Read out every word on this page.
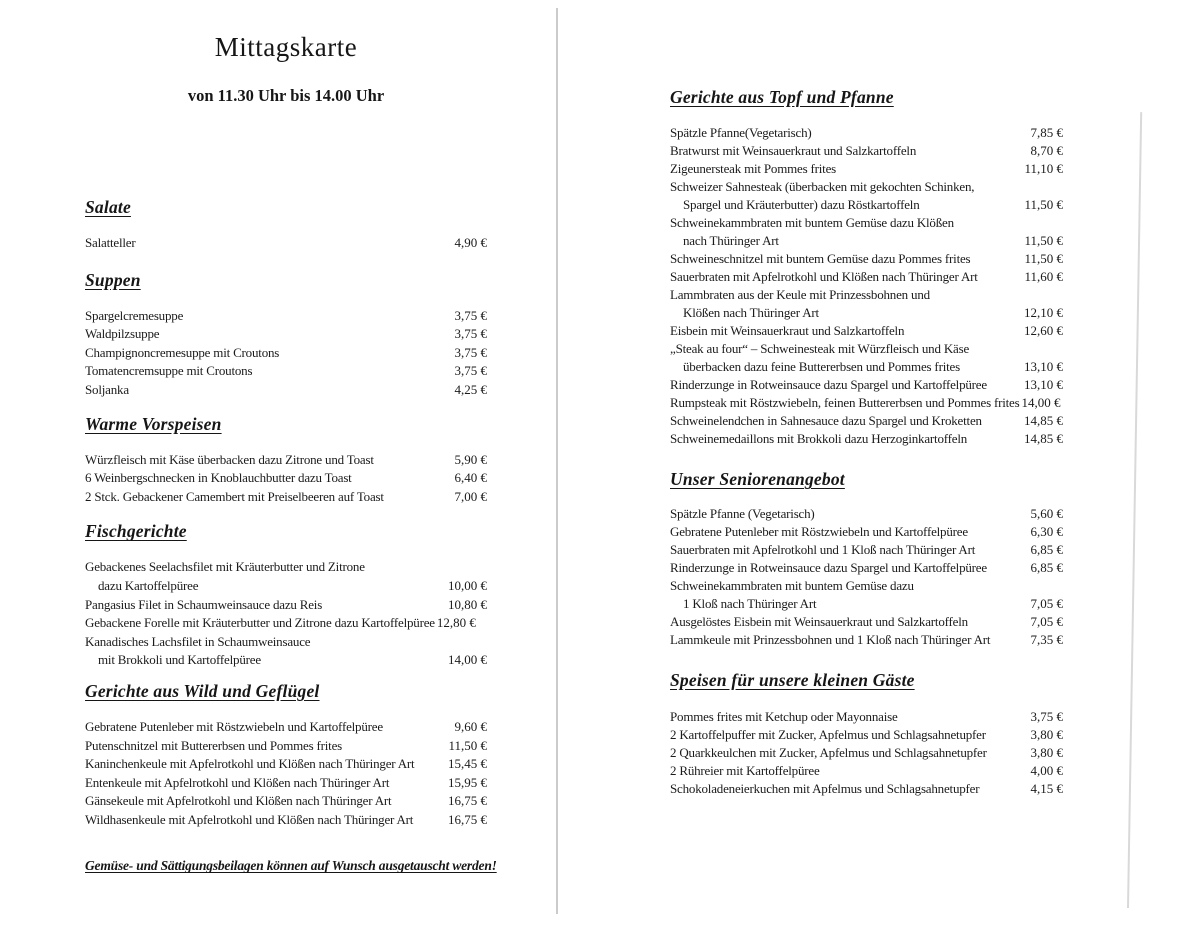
Mittagskarte
von 11.30 Uhr bis 14.00 Uhr
Salate
Salatteller	4,90 €
Suppen
Spargelcremesuppe	3,75 €
Waldpilzsuppe	3,75 €
Champignoncremesuppe mit Croutons	3,75 €
Tomatencremsuppe mit Croutons	3,75 €
Soljanka	4,25 €
Warme Vorspeisen
Würzfleisch mit Käse überbacken dazu Zitrone und Toast	5,90 €
6 Weinbergschnecken in Knoblauchbutter dazu Toast	6,40 €
2 Stck. Gebackener Camembert mit Preiselbeeren auf Toast	7,00 €
Fischgerichte
Gebackenes Seelachsfilet mit Kräuterbutter und Zitrone
dazu Kartoffelpüree	10,00 €
Pangasius Filet in Schaumweinsauce dazu Reis	10,80 €
Gebackene Forelle mit Kräuterbutter und Zitrone dazu Kartoffelpüree 12,80 €
Kanadisches Lachsfilet in Schaumweinsauce
mit Brokkoli und Kartoffelpüree	14,00 €
Gerichte aus Wild und Geflügel
Gebratene Putenleber mit Röstzwiebeln und Kartoffelpüree	9,60 €
Putenschnitzel mit Buttererbsen und Pommes frites	11,50 €
Kaninchenkeule mit Apfelrotkohl und Klößen nach Thüringer Art	15,45 €
Entenkeule mit Apfelrotkohl und Klößen nach Thüringer Art	15,95 €
Gänsekeule mit Apfelrotkohl und Klößen nach Thüringer Art	16,75 €
Wildhasenkeule mit Apfelrotkohl und Klößen nach Thüringer Art	16,75 €
Gemüse- und Sättigungsbeilagen können auf Wunsch ausgetauscht werden!
Gerichte aus Topf und Pfanne
Spätzle Pfanne(Vegetarisch)	7,85 €
Bratwurst mit Weinsauerkraut und Salzkartoffeln	8,70 €
Zigeunersteak mit Pommes frites	11,10 €
Schweizer Sahnesteak (überbacken mit gekochten Schinken,
Spargel und Kräuterbutter) dazu Röstkartoffeln	11,50 €
Schweinekammbraten mit buntem Gemüse dazu Klößen
nach Thüringer Art	11,50 €
Schweineschnitzel mit buntem Gemüse dazu Pommes frites	11,50 €
Sauerbraten mit Apfelrotkohl und Klößen nach Thüringer Art	11,60 €
Lammbraten aus der Keule mit Prinzessbohnen und
Klößen nach Thüringer Art	12,10 €
Eisbein mit Weinsauerkraut und Salzkartoffeln	12,60 €
„Steak au four“ – Schweinesteak mit Würzfleisch und Käse
überbacken dazu feine Buttererbsen und Pommes frites	13,10 €
Rinderzunge in Rotweinsauce dazu Spargel und Kartoffelpüree	13,10 €
Rumpsteak mit Röstzwiebeln, feinen Buttererbsen und Pommes frites 14,00 €
Schweinelendchen in Sahnesauce dazu Spargel und Kroketten	14,85 €
Schweinemedaillons mit Brokkoli dazu Herzoginkartoffeln	14,85 €
Unser Seniorenangebot
Spätzle Pfanne (Vegetarisch)	5,60 €
Gebratene Putenleber mit Röstzwiebeln und Kartoffelpüree	6,30 €
Sauerbraten mit Apfelrotkohl und 1 Kloß nach Thüringer Art	6,85 €
Rinderzunge in Rotweinsauce dazu Spargel und Kartoffelpüree	6,85 €
Schweinekammbraten mit buntem Gemüse dazu
1 Kloß nach Thüringer Art	7,05 €
Ausgelöstes Eisbein mit Weinsauerkraut und Salzkartoffeln	7,05 €
Lammkeule mit Prinzessbohnen und 1 Kloß nach Thüringer Art	7,35 €
Speisen für unsere kleinen Gäste
Pommes frites mit Ketchup oder Mayonnaise	3,75 €
2 Kartoffelpuffer mit Zucker, Apfelmus und Schlagsahnetupfer	3,80 €
2 Quarkkeulchen mit Zucker, Apfelmus und Schlagsahnetupfer	3,80 €
2 Rühreier mit Kartoffelpüree	4,00 €
Schokoladeneierkuchen mit Apfelmus und Schlagsahnetupfer	4,15 €
